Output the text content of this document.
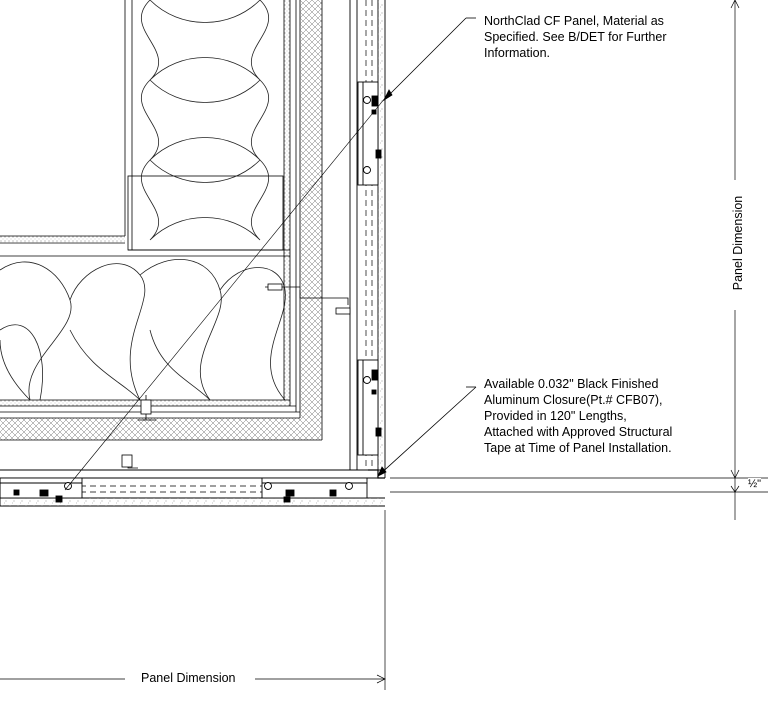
NorthClad CF Panel, Material as
Specified. See B/DET for Further
Information.
Available 0.032" Black Finished
Aluminum Closure(Pt.# CFB07),
Provided in 120" Lengths,
Attached with Approved Structural
Tape at Time of Panel Installation.
Panel Dimension
Panel Dimension
½"
